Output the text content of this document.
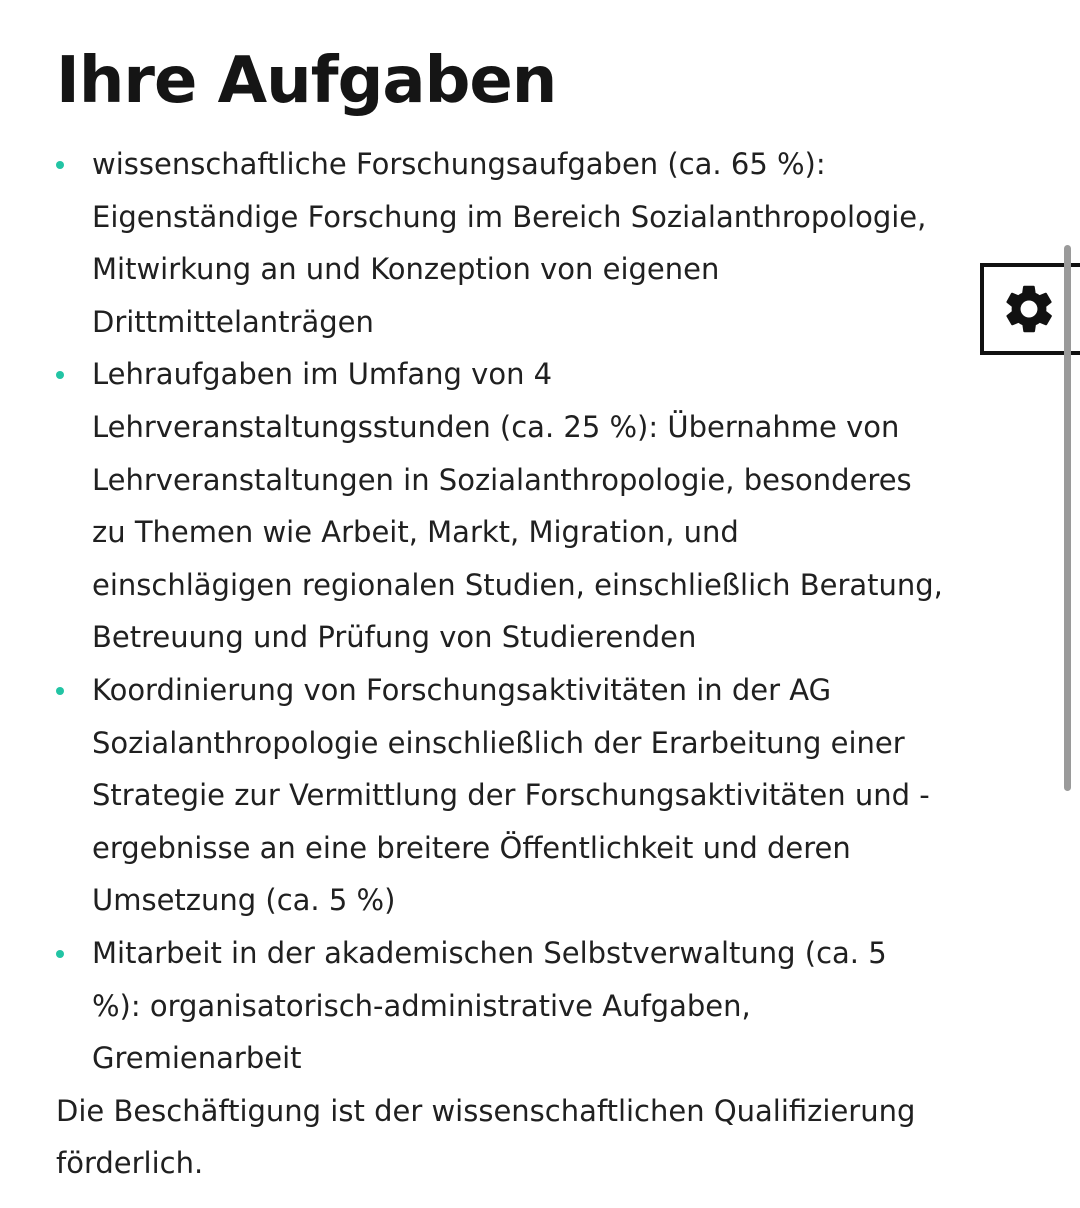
Ihre Aufgaben
wissenschaftliche Forschungsaufgaben (ca. 65 %):
Eigenständige Forschung im Bereich Sozialanthropologie,
Mitwirkung an und Konzeption von eigenen
Drittmittelanträgen
Lehraufgaben im Umfang von 4
Lehrveranstaltungsstunden (ca. 25 %): Übernahme von
Lehrveranstaltungen in Sozialanthropologie, besonderes
zu Themen wie Arbeit, Markt, Migration, und
einschlägigen regionalen Studien, einschließlich Beratung,
Betreuung und Prüfung von Studierenden
Koordinierung von Forschungsaktivitäten in der AG
Sozialanthropologie einschließlich der Erarbeitung einer
Strategie zur Vermittlung der Forschungsaktivitäten und -
ergebnisse an eine breitere Öffentlichkeit und deren
Umsetzung (ca. 5 %)
Mitarbeit in der akademischen Selbstverwaltung (ca. 5
%): organisatorisch-administrative Aufgaben,
Gremienarbeit

Die Beschäftigung ist der wissenschaftlichen Qualifizierung
förderlich.
